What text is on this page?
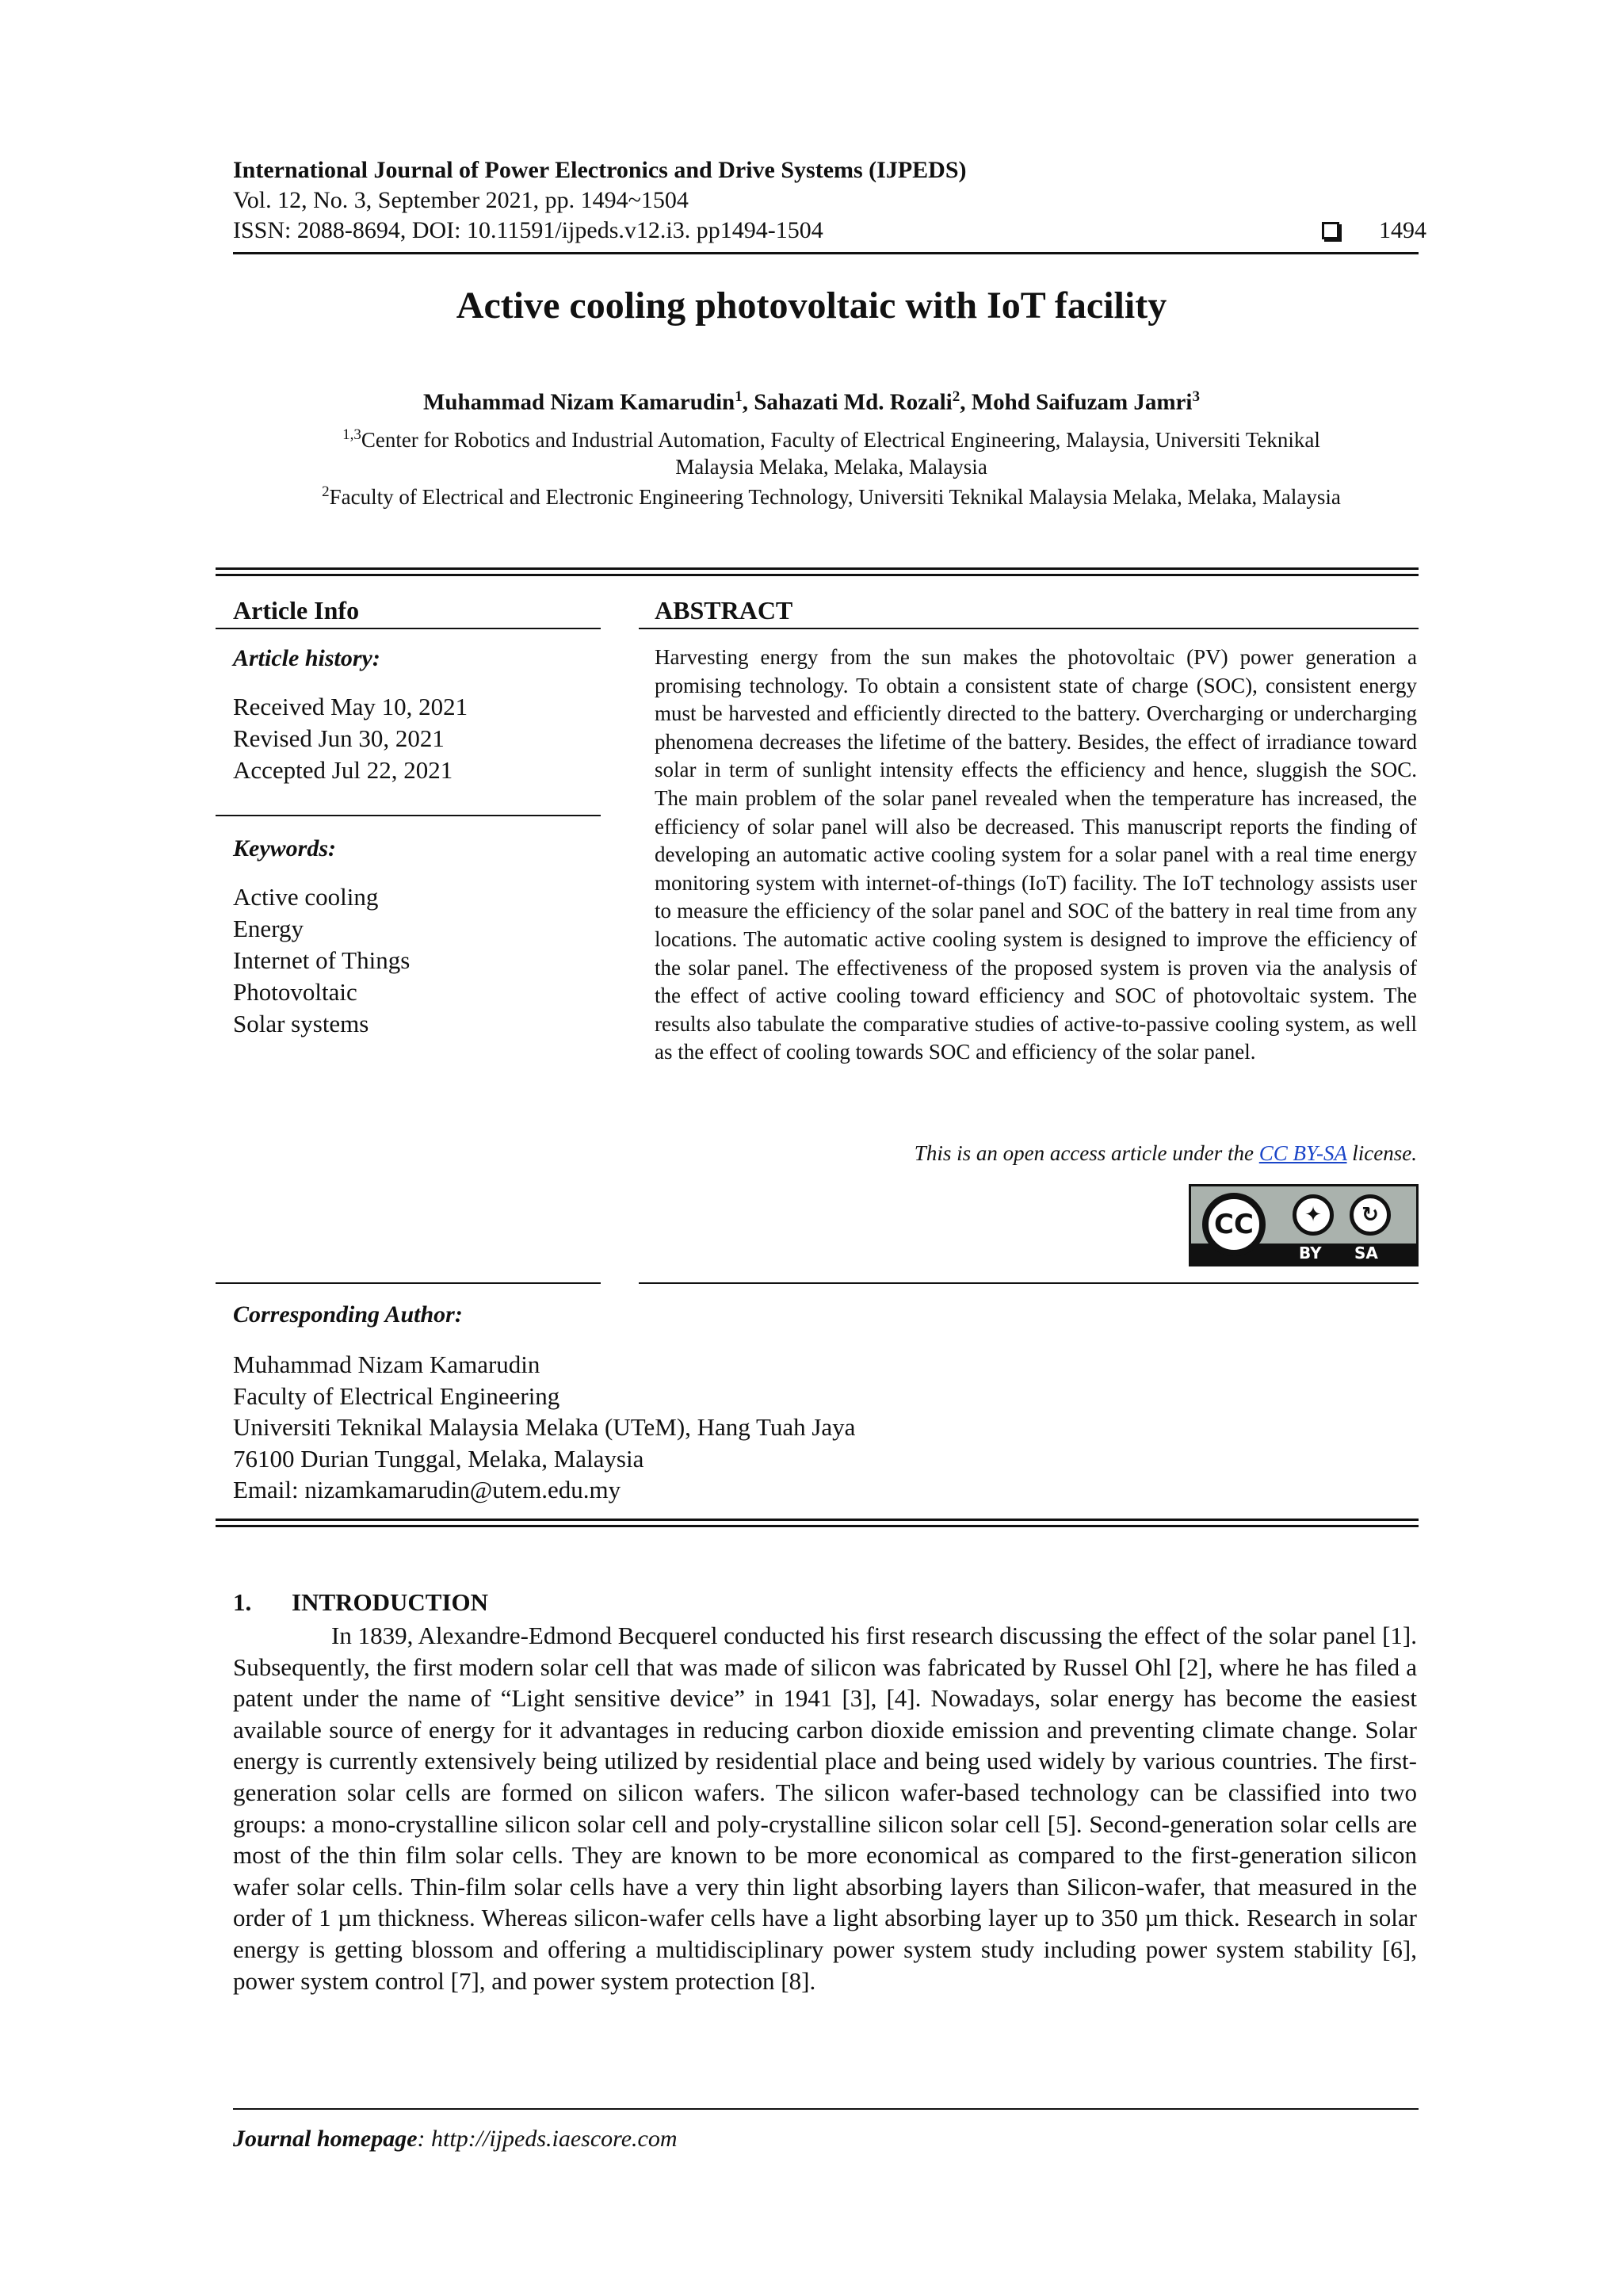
International Journal of Power Electronics and Drive Systems (IJPEDS)
Vol. 12, No. 3, September 2021, pp. 1494~1504
ISSN: 2088-8694, DOI: 10.11591/ijpeds.v12.i3. pp1494-1504	1494
Active cooling photovoltaic with IoT facility
Muhammad Nizam Kamarudin$^1$, Sahazati Md. Rozali$^2$, Mohd Saifuzam Jamri$^3$
$^{1,3}$Center for Robotics and Industrial Automation, Faculty of Electrical Engineering, Malaysia, Universiti Teknikal
Malaysia Melaka, Melaka, Malaysia
$^2$Faculty of Electrical and Electronic Engineering Technology, Universiti Teknikal Malaysia Melaka, Melaka, Malaysia
Article Info
Article history:
Received May 10, 2021
Revised Jun 30, 2021
Accepted Jul 22, 2021
Keywords:
Active cooling
Energy
Internet of Things
Photovoltaic
Solar systems
ABSTRACT

Harvesting energy from the sun makes the photovoltaic (PV) power generation a promising technology. To obtain a consistent state of charge (SOC), consistent energy must be harvested and efficiently directed to the battery. Overcharging or undercharging phenomena decreases the lifetime of the battery. Besides, the effect of irradiance toward solar in term of sunlight intensity effects the efficiency and hence, sluggish the SOC. The main problem of the solar panel revealed when the temperature has increased, the efficiency of solar panel will also be decreased. This manuscript reports the finding of developing an automatic active cooling system for a solar panel with a real time energy monitoring system with internet-of-things (IoT) facility. The IoT technology assists user to measure the efficiency of the solar panel and SOC of the battery in real time from any locations. The automatic active cooling system is designed to improve the efficiency of the solar panel. The effectiveness of the proposed system is proven via the analysis of the effect of active cooling toward efficiency and SOC of photovoltaic system. The results also tabulate the comparative studies of active-to-passive cooling system, as well as the effect of cooling towards SOC and efficiency of the solar panel.

This is an open access article under the CC BY-SA license.
CC	✦	↻
BY SA
Corresponding Author:
Muhammad Nizam Kamarudin
Faculty of Electrical Engineering
Universiti Teknikal Malaysia Melaka (UTeM), Hang Tuah Jaya
76100 Durian Tunggal, Melaka, Malaysia
Email: nizamkamarudin@utem.edu.my
1. INTRODUCTION

In 1839, Alexandre-Edmond Becquerel conducted his first research discussing the effect of the solar panel [1]. Subsequently, the first modern solar cell that was made of silicon was fabricated by Russel Ohl [2], where he has filed a patent under the name of “Light sensitive device” in 1941 [3], [4]. Nowadays, solar energy has become the easiest available source of energy for it advantages in reducing carbon dioxide emission and preventing climate change. Solar energy is currently extensively being utilized by residential place and being used widely by various countries. The first-generation solar cells are formed on silicon wafers. The silicon wafer-based technology can be classified into two groups: a mono-crystalline silicon solar cell and poly-crystalline silicon solar cell [5]. Second-generation solar cells are most of the thin film solar cells. They are known to be more economical as compared to the first-generation silicon wafer solar cells. Thin-film solar cells have a very thin light absorbing layers than Silicon-wafer, that measured in the order of 1 µm thickness. Whereas silicon-wafer cells have a light absorbing layer up to 350 µm thick. Research in solar energy is getting blossom and offering a multidisciplinary power system study including power system stability [6], power system control [7], and power system protection [8].

Journal homepage: http://ijpeds.iaescore.com
